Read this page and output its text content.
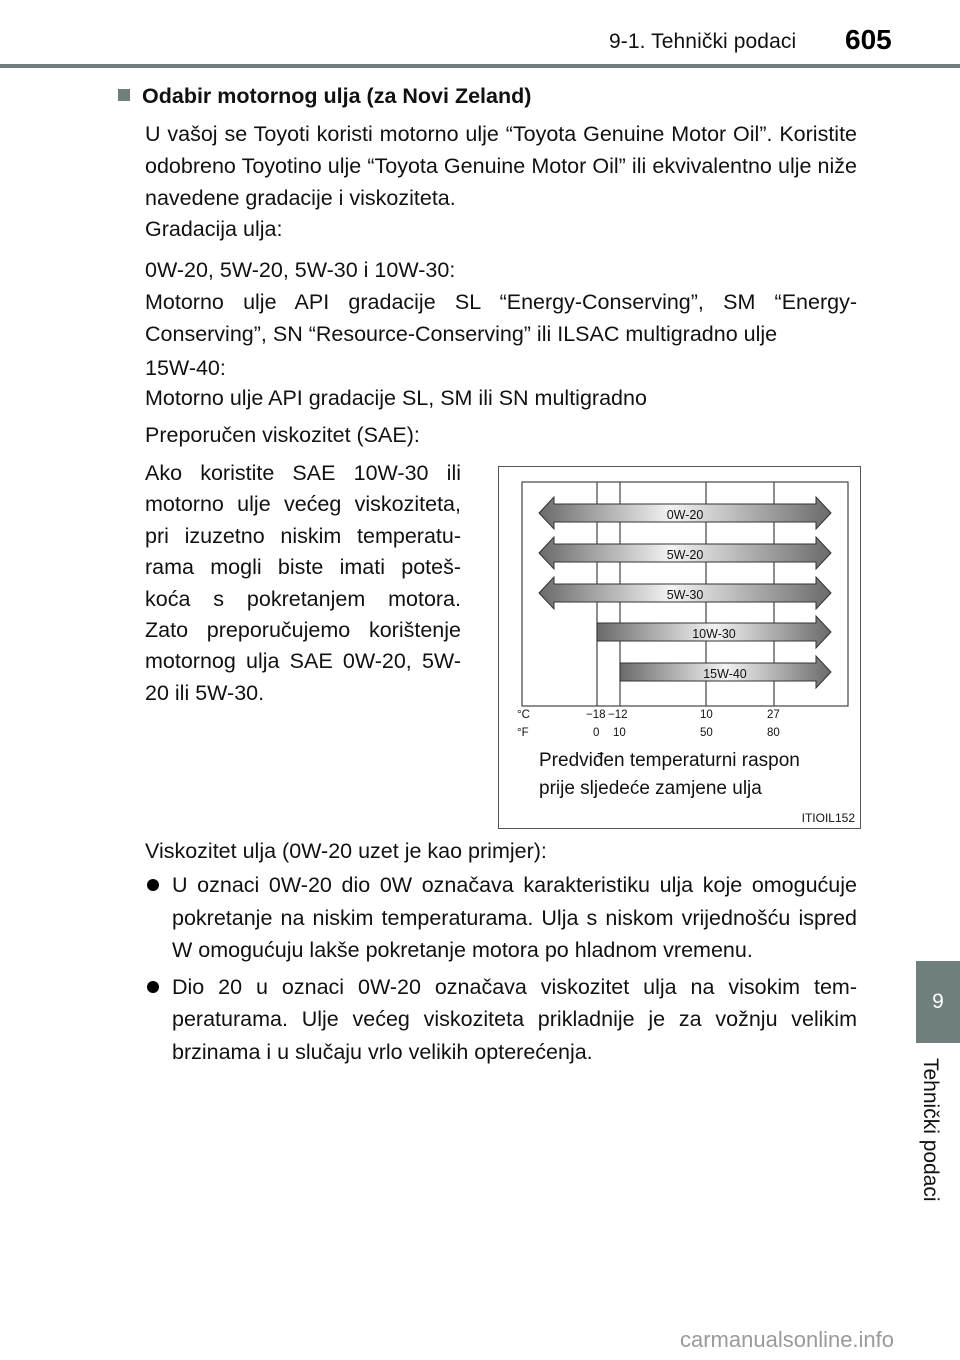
9-1. Tehnički podaci 605
9
Tehnički podaci
Odabir motornog ulja (za Novi Zeland)

U vašoj se Toyoti koristi motorno ulje “Toyota Genuine Motor Oil”. Koristite odobreno Toyotino ulje “Toyota Genuine Motor Oil” ili ekvivalentno ulje niže navedene gradacije i viskoziteta.

Gradacija ulja:

0W-20, 5W-20, 5W-30 i 10W-30:

Motorno ulje API gradacije SL “Energy-Conserving”, SM “Energy-Conserving”, SN “Resource-Conserving” ili ILSAC multigradno ulje

15W-40:

Motorno ulje API gradacije SL, SM ili SN multigradno

Preporučen viskozitet (SAE):

Ako koristite SAE 10W-30 ili
motorno ulje većeg viskoziteta,
pri izuzetno niskim temperatu-
rama mogli biste imati poteš-
koća s pokretanjem motora.
Zato preporučujemo korištenje
motornog ulja SAE 0W-20, 5W-
20 ili 5W-30.
0W-20
5W-20
5W-30
10W-30
15W-40
°C
°F
−18 −12	10	27
0 10	50	80
Predviđen temperaturni raspon
prije sljedeće zamjene ulja
ITIOIL152

Viskozitet ulja (0W-20 uzet je kao primjer):

U oznaci 0W-20 dio 0W označava karakteristiku ulja koje omogućuje pokretanje na niskim temperaturama. Ulja s niskom vrijednošću ispred W omogućuju lakše pokretanje motora po hladnom vremenu.
Dio 20 u oznaci 0W-20 označava viskozitet ulja na visokim temperaturama. Ulje većeg viskoziteta prikladnije je za vožnju velikim brzinama i u slučaju vrlo velikih opterećenja.
carmanualsonline.info
